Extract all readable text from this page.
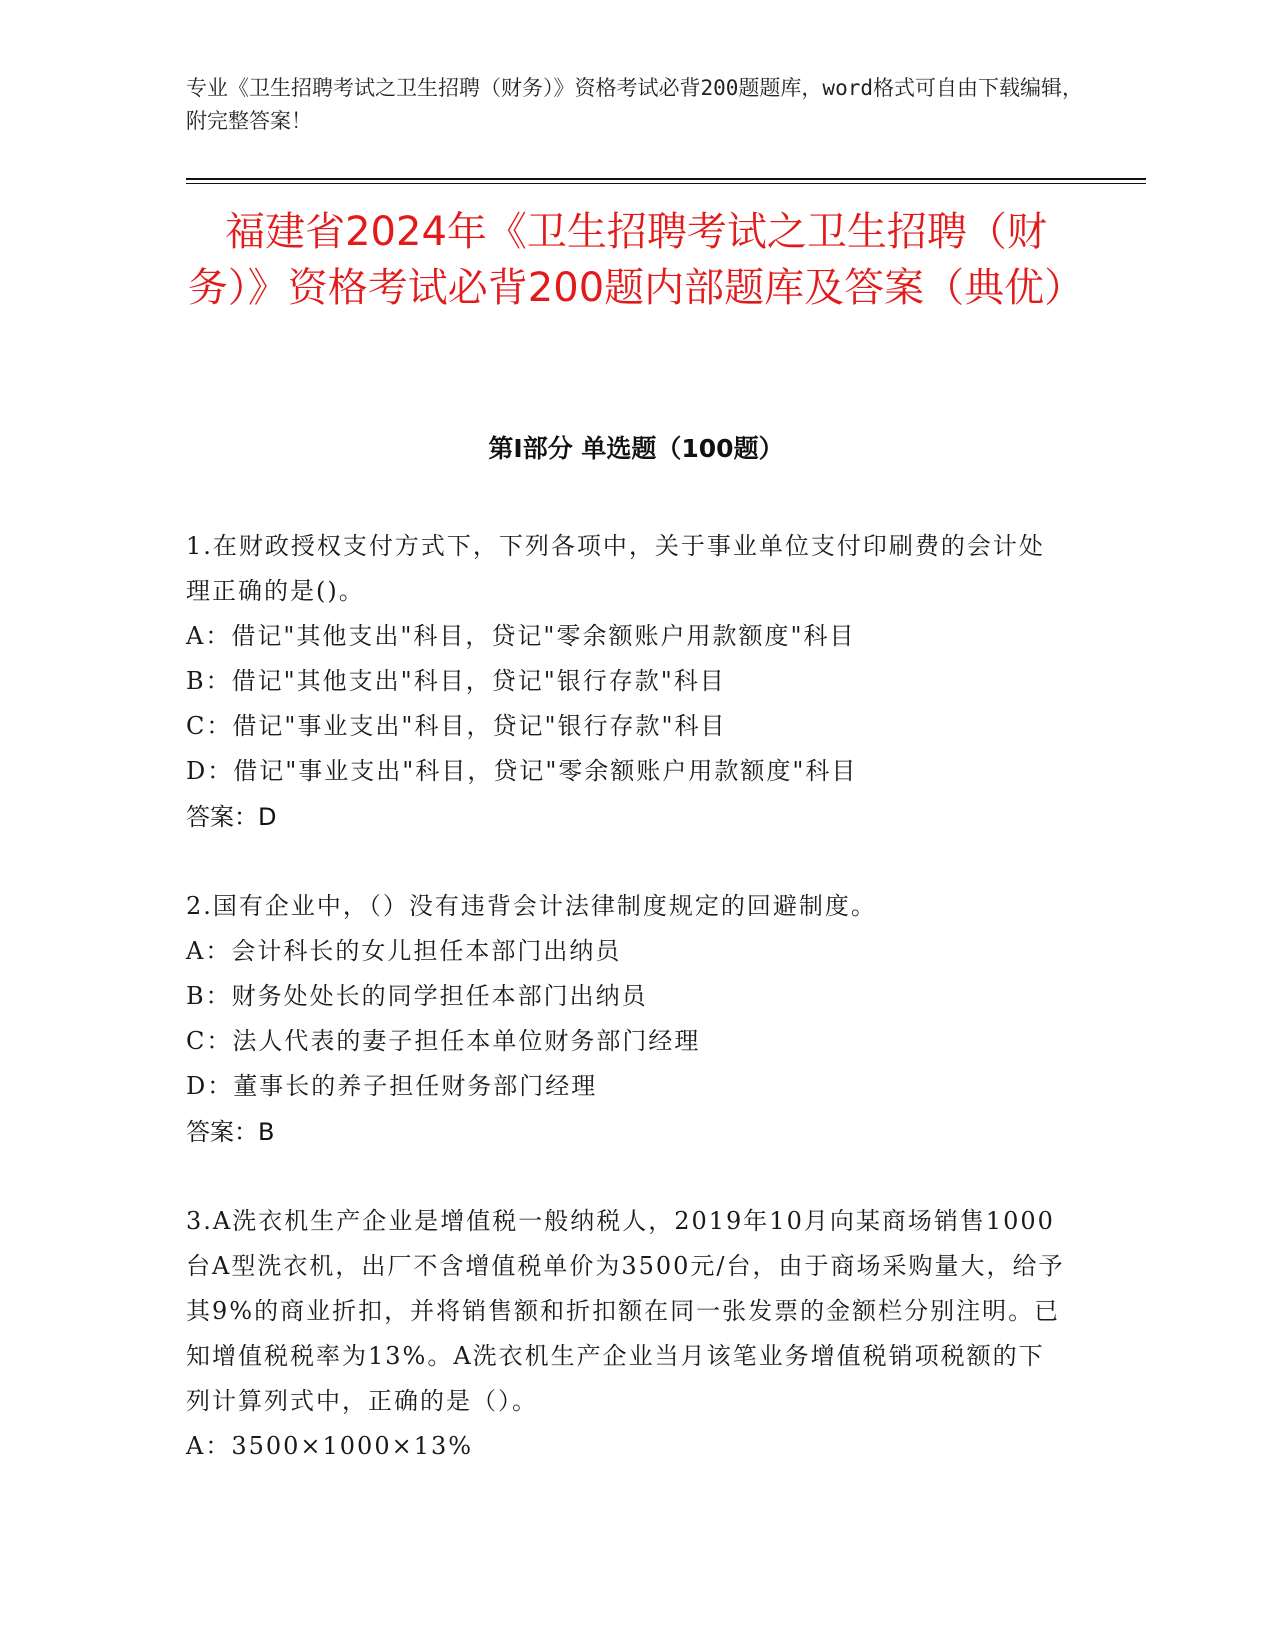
专业《卫生招聘考试之卫生招聘（财务）》资格考试必背200题题库，word格式可自由下载编辑，附完整答案！
福建省2024年《卫生招聘考试之卫生招聘（财务）》资格考试必背200题内部题库及答案（典优）
第Ⅰ部分 单选题（100题）

1.在财政授权支付方式下，下列各项中，关于事业单位支付印刷费的会计处理正确的是()。

A：借记"其他支出"科目，贷记"零余额账户用款额度"科目

B：借记"其他支出"科目，贷记"银行存款"科目

C：借记"事业支出"科目，贷记"银行存款"科目

D：借记"事业支出"科目，贷记"零余额账户用款额度"科目

答案：D

2.国有企业中，（）没有违背会计法律制度规定的回避制度。

A：会计科长的女儿担任本部门出纳员

B：财务处处长的同学担任本部门出纳员

C：法人代表的妻子担任本单位财务部门经理

D：董事长的养子担任财务部门经理

答案：B

3.A洗衣机生产企业是增值税一般纳税人，2019年10月向某商场销售1000台A型洗衣机，出厂不含增值税单价为3500元/台，由于商场采购量大，给予其9%的商业折扣，并将销售额和折扣额在同一张发票的金额栏分别注明。已知增值税税率为13%。A洗衣机生产企业当月该笔业务增值税销项税额的下列计算列式中，正确的是（）。

A：3500×1000×13%
